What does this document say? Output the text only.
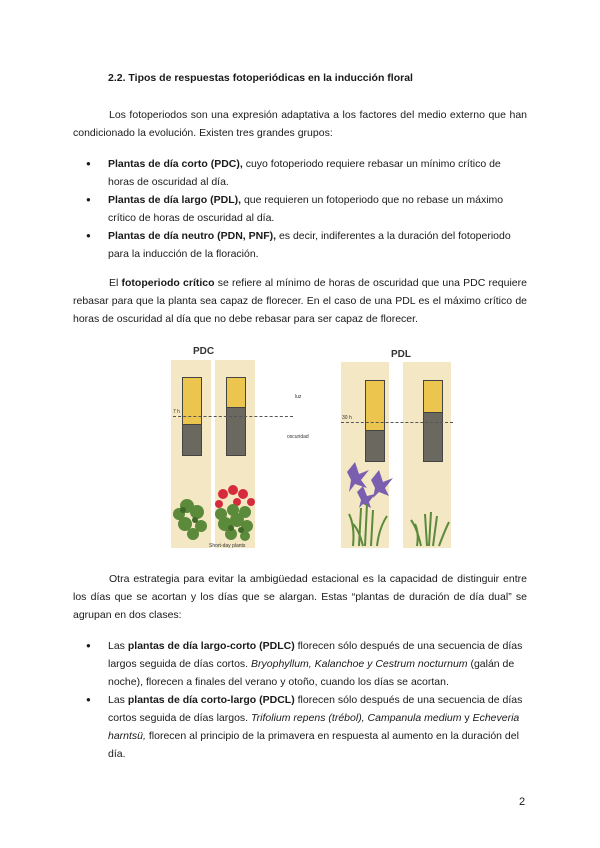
2.2. Tipos de respuestas fotoperiódicas en la inducción floral

Los fotoperiodos son una expresión adaptativa a los factores del medio externo que han condicionado la evolución. Existen tres grandes grupos:

● Plantas de día corto (PDC), cuyo fotoperiodo requiere rebasar un mínimo crítico de horas de oscuridad al día.
● Plantas de día largo (PDL), que requieren un fotoperiodo que no rebase un máximo crítico de horas de oscuridad al día.
● Plantas de día neutro (PDN, PNF), es decir, indiferentes a la duración del fotoperiodo para la inducción de la floración.

El fotoperiodo crítico se refiere al mínimo de horas de oscuridad que una PDC requiere rebasar para que la planta sea capaz de florecer. En el caso de una PDL es el máximo crítico de horas de oscuridad al día que no debe rebasar para ser capaz de florecer.

PDC	PDL
7 h
Short-day plants
luz
oscuridad
30 h

Otra estrategia para evitar la ambigüedad estacional es la capacidad de distinguir entre los días que se acortan y los días que se alargan. Estas “plantas de duración de día dual” se agrupan en dos clases:

● Las plantas de día largo-corto (PDLC) florecen sólo después de una secuencia de días largos seguida de días cortos. Bryophyllum, Kalanchoe y Cestrum nocturnum (galán de noche), florecen a finales del verano y otoño, cuando los días se acortan.
● Las plantas de día corto-largo (PDCL) florecen sólo después de una secuencia de días cortos seguida de días largos. Trifolium repens (trébol), Campanula medium y Echeveria harntsü, florecen al principio de la primavera en respuesta al aumento en la duración del día.
2
